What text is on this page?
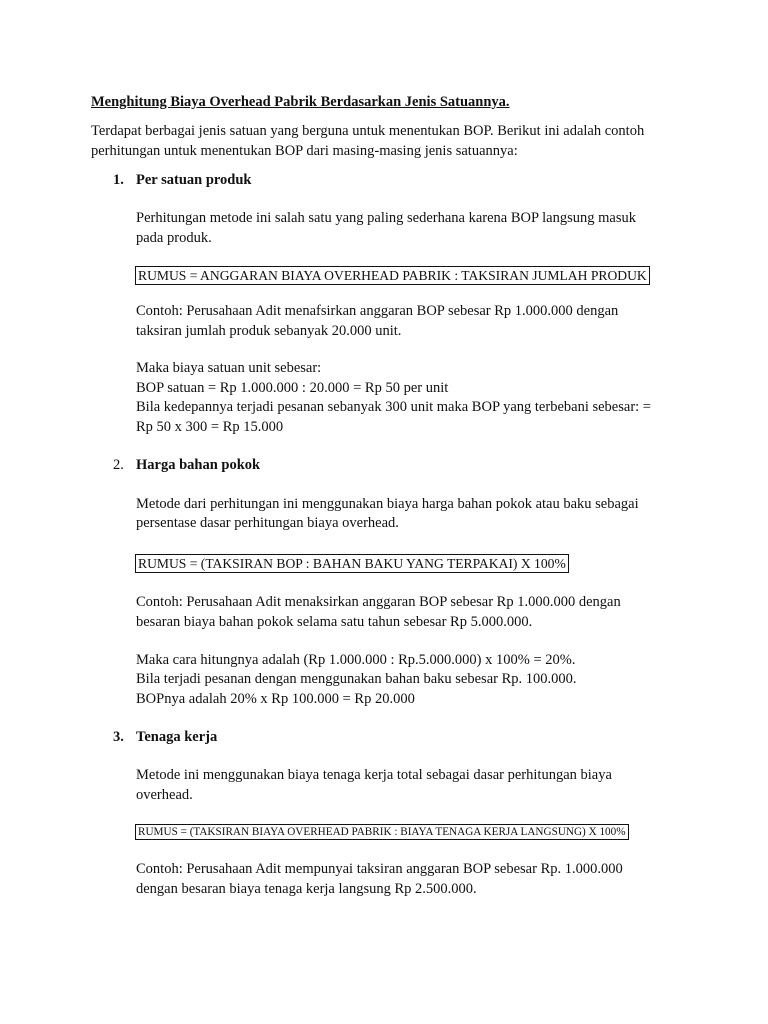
Menghitung Biaya Overhead Pabrik Berdasarkan Jenis Satuannya.
Terdapat berbagai jenis satuan yang berguna untuk menentukan BOP. Berikut ini adalah contoh
perhitungan untuk menentukan BOP dari masing-masing jenis satuannya:
1. Per satuan produk
Perhitungan metode ini salah satu yang paling sederhana karena BOP langsung masuk
pada produk.
RUMUS = ANGGARAN BIAYA OVERHEAD PABRIK : TAKSIRAN JUMLAH PRODUK
Contoh: Perusahaan Adit menafsirkan anggaran BOP sebesar Rp 1.000.000 dengan
taksiran jumlah produk sebanyak 20.000 unit.
Maka biaya satuan unit sebesar:
BOP satuan = Rp 1.000.000 : 20.000 = Rp 50 per unit
Bila kedepannya terjadi pesanan sebanyak 300 unit maka BOP yang terbebani sebesar: =
Rp 50 x 300 = Rp 15.000
2. Harga bahan pokok
Metode dari perhitungan ini menggunakan biaya harga bahan pokok atau baku sebagai
persentase dasar perhitungan biaya overhead.
RUMUS = (TAKSIRAN BOP : BAHAN BAKU YANG TERPAKAI) X 100%
Contoh: Perusahaan Adit menaksirkan anggaran BOP sebesar Rp 1.000.000 dengan
besaran biaya bahan pokok selama satu tahun sebesar Rp 5.000.000.
Maka cara hitungnya adalah (Rp 1.000.000 : Rp.5.000.000) x 100% = 20%.
Bila terjadi pesanan dengan menggunakan bahan baku sebesar Rp. 100.000.
BOPnya adalah 20% x Rp 100.000 = Rp 20.000
3. Tenaga kerja
Metode ini menggunakan biaya tenaga kerja total sebagai dasar perhitungan biaya
overhead.
RUMUS = (TAKSIRAN BIAYA OVERHEAD PABRIK : BIAYA TENAGA KERJA LANGSUNG) X 100%
Contoh: Perusahaan Adit mempunyai taksiran anggaran BOP sebesar Rp. 1.000.000
dengan besaran biaya tenaga kerja langsung Rp 2.500.000.
